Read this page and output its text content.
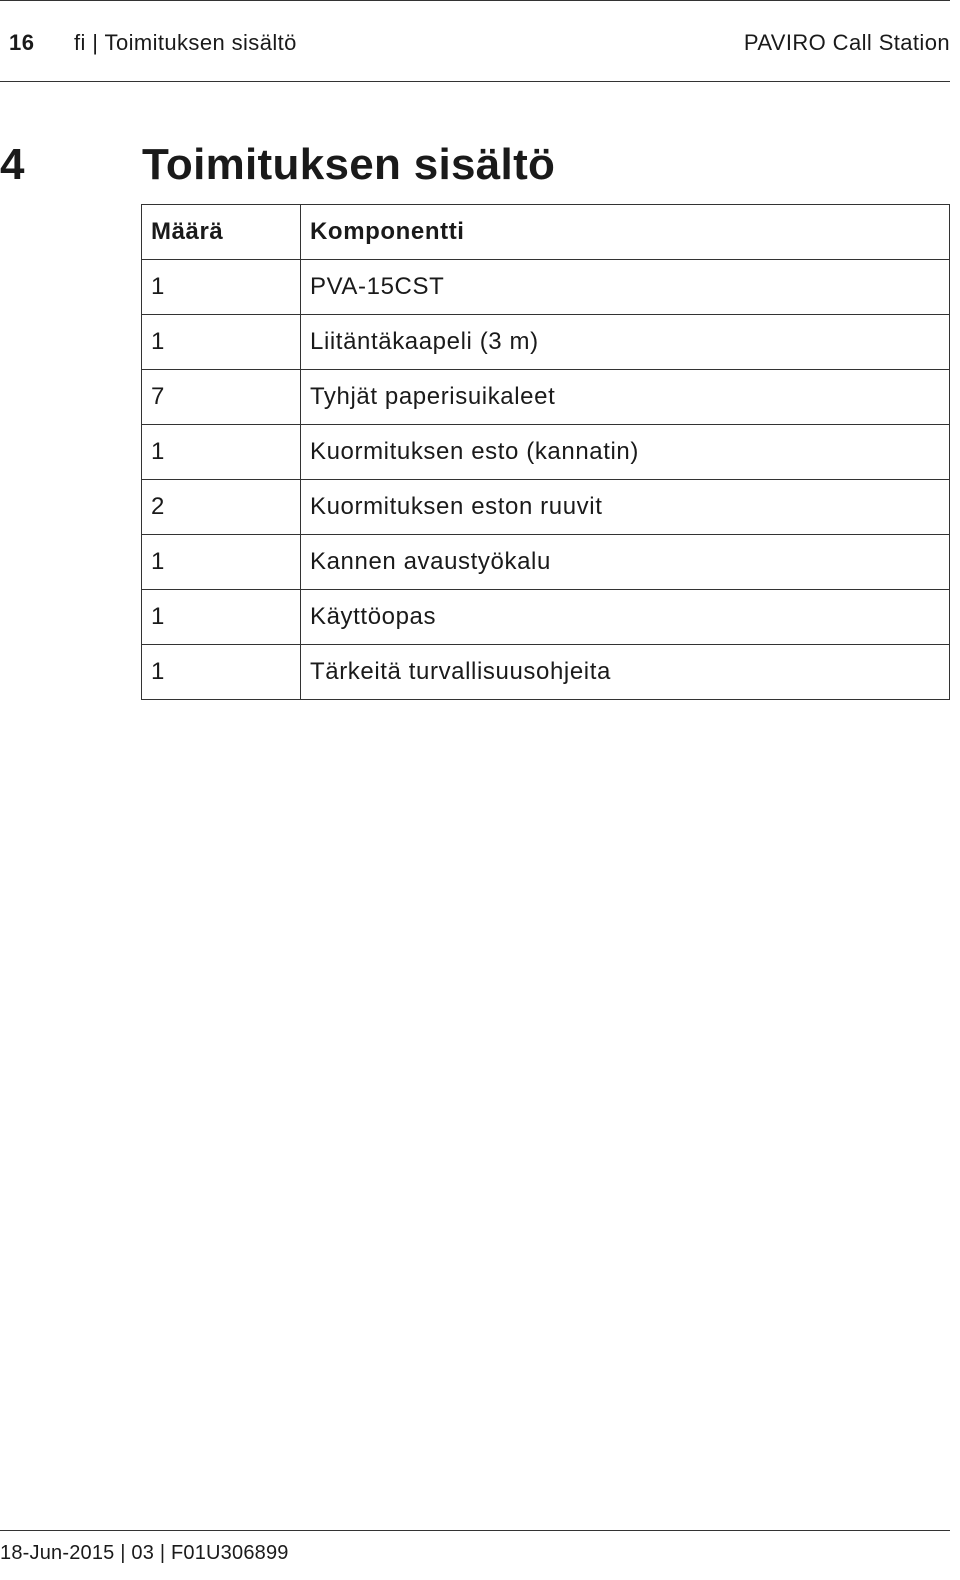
16 fi | Toimituksen sisältö	PAVIRO Call Station
4	Toimituksen sisältö
Määrä	Komponentti
1	PVA-15CST
1	Liitäntäkaapeli (3 m)
7	Tyhjät paperisuikaleet
1	Kuormituksen esto (kannatin)
2	Kuormituksen eston ruuvit
1	Kannen avaustyökalu
1	Käyttöopas
1	Tärkeitä turvallisuusohjeita
18-Jun-2015 | 03 | F01U306899
